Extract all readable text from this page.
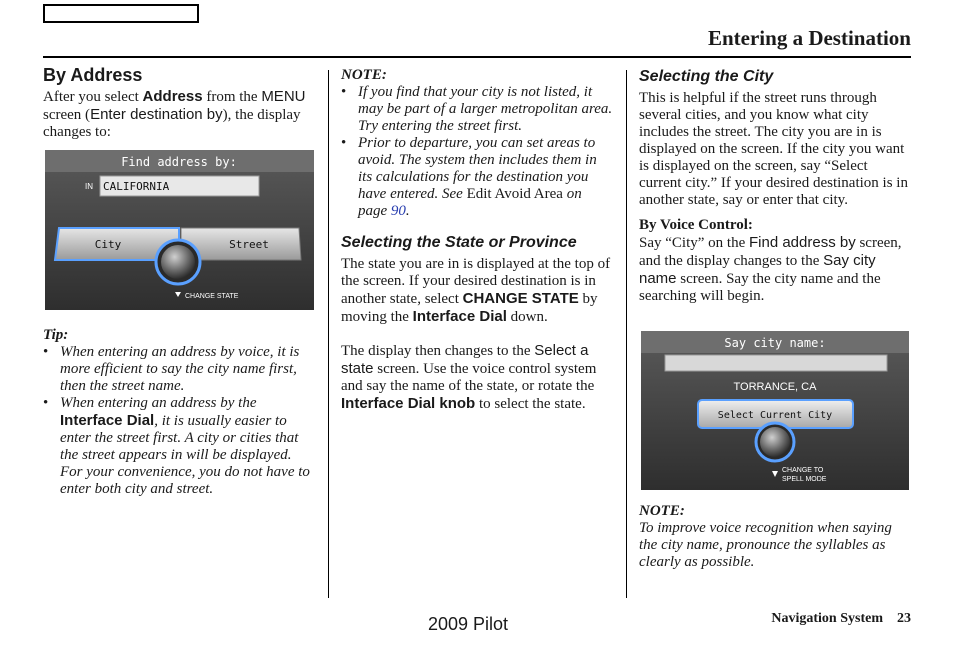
Entering a Destination
By Address

After you select Address from the MENU screen (Enter destination by), the display changes to:

Tip:

• When entering an address by voice, it is more efficient to say the city name first, then the street name.
• When entering an address by the Interface Dial, it is usually easier to enter the street first. A city or cities that the street appears in will be displayed. For your convenience, you do not have to enter both city and street.
Find address by:
IN CALIFORNIA
City	Street
CHANGE STATE

NOTE:

• If you find that your city is not listed, it may be part of a larger metropolitan area. Try entering the street first.
• Prior to departure, you can set areas to avoid. The system then includes them in its calculations for the destination you have entered. See Edit Avoid Area on page 90.
Selecting the State or Province

The state you are in is displayed at the top of the screen. If your desired destination is in another state, select CHANGE STATE by moving the Interface Dial down.

The display then changes to the Select a state screen. Use the voice control system and say the name of the state, or rotate the Interface Dial knob to select the state.

Selecting the City

This is helpful if the street runs through several cities, and you know what city includes the street. The city you are in is displayed on the screen. If the city you want is displayed on the screen, say “Select current city.” If your desired destination is in another state, say or enter that city.

By Voice Control:

Say “City” on the Find address by screen, and the display changes to the Say city name screen. Say the city name and the searching will begin.

Say city name:
TORRANCE, CA
Select Current City
CHANGE TO
SPELL MODE

NOTE:

To improve voice recognition when saying the city name, pronounce the syllables as clearly as possible.

2009 Pilot	Navigation System 23
